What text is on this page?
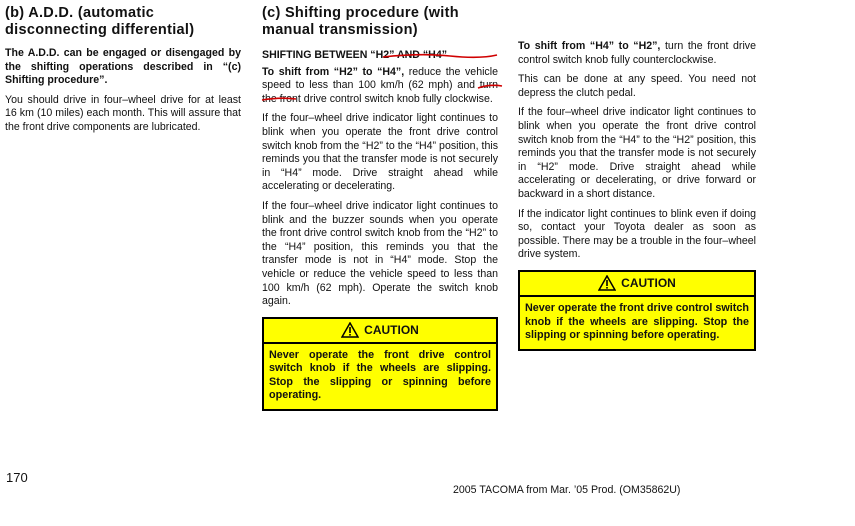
(b) A.D.D. (automatic disconnecting differential)

The A.D.D. can be engaged or disengaged by the shifting operations described in “(c) Shifting procedure”.

You should drive in four–wheel drive for at least 16 km (10 miles) each month. This will assure that the front drive components are lubricated.

(c) Shifting procedure (with manual transmission)
SHIFTING BETWEEN “H2” AND “H4”

To shift from “H2” to “H4”, reduce the vehicle speed to less than 100 km/h (62 mph) and turn the front drive control switch knob fully clockwise.

If the four–wheel drive indicator light continues to blink when you operate the front drive control switch knob from the “H2” to the “H4” position, this reminds you that the transfer mode is not securely in “H4” mode. Drive straight ahead while accelerating or decelerating.

If the four–wheel drive indicator light continues to blink and the buzzer sounds when you operate the front drive control switch knob from the “H2” to the “H4” position, this reminds you that the transfer mode is not in “H4” mode. Stop the vehicle or reduce the vehicle speed to less than 100 km/h (62 mph). Operate the switch knob again.

CAUTION
Never operate the front drive control switch knob if the wheels are slipping. Stop the slipping or spinning before operating.

To shift from “H4” to “H2”, turn the front drive control switch knob fully counterclockwise.

This can be done at any speed. You need not depress the clutch pedal.

If the four–wheel drive indicator light continues to blink when you operate the front drive control switch knob from the “H4” to the “H2” position, this reminds you that the transfer mode is not securely in “H2” mode. Drive straight ahead while accelerating or decelerating, or drive forward or backward in a short distance.

If the indicator light continues to blink even if doing so, contact your Toyota dealer as soon as possible. There may be a trouble in the four–wheel drive system.

CAUTION
Never operate the front drive control switch knob if the wheels are slipping. Stop the slipping or spinning before operating.
170
2005 TACOMA from Mar. ’05 Prod. (OM35862U)
